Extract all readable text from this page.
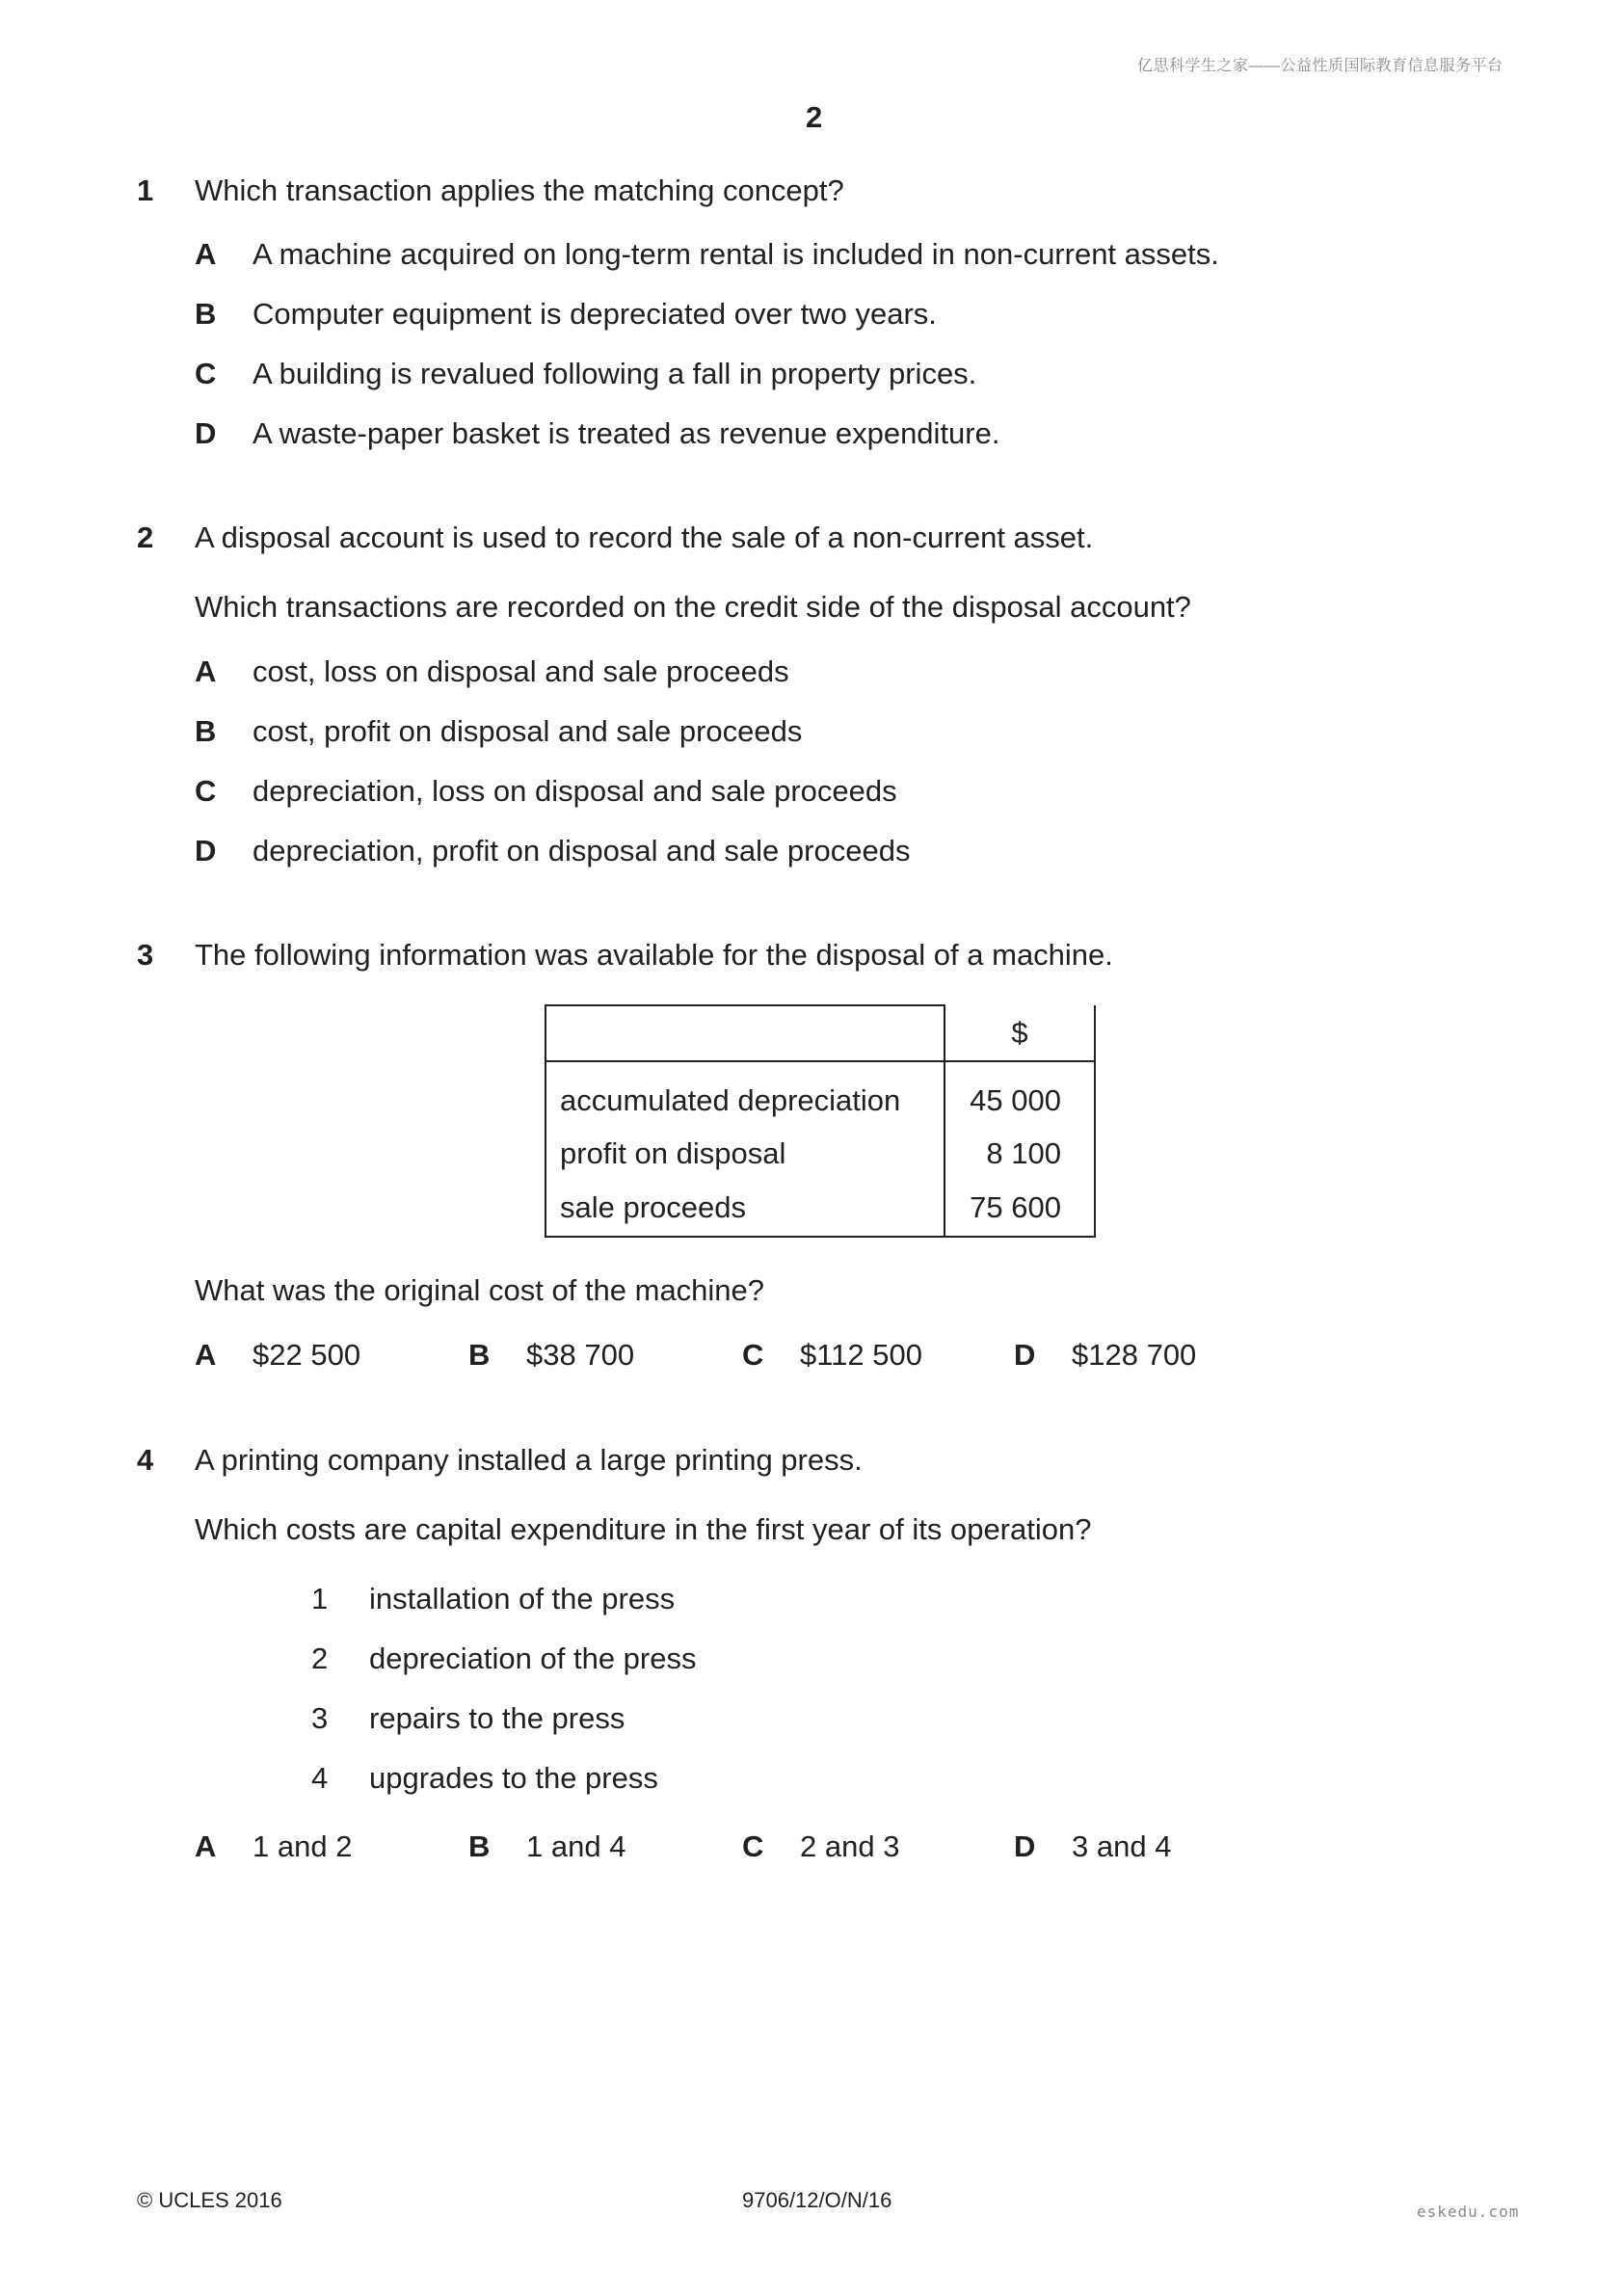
亿思科学生之家——公益性质国际教育信息服务平台
2
1 Which transaction applies the matching concept?
A A machine acquired on long-term rental is included in non-current assets.
B Computer equipment is depreciated over two years.
C A building is revalued following a fall in property prices.
D A waste-paper basket is treated as revenue expenditure.
2 A disposal account is used to record the sale of a non-current asset.
Which transactions are recorded on the credit side of the disposal account?
A cost, loss on disposal and sale proceeds
B cost, profit on disposal and sale proceeds
C depreciation, loss on disposal and sale proceeds
D depreciation, profit on disposal and sale proceeds
3 The following information was available for the disposal of a machine.
	$
accumulated depreciation	45 000
profit on disposal	8 100
sale proceeds	75 600
What was the original cost of the machine?
A $22 500	B $38 700	C $112 500	D $128 700
4 A printing company installed a large printing press.
Which costs are capital expenditure in the first year of its operation?
1 installation of the press
2 depreciation of the press
3 repairs to the press
4 upgrades to the press
A 1 and 2	B 1 and 4	C 2 and 3	D 3 and 4
© UCLES 2016	9706/12/O/N/16	eskedu.com
